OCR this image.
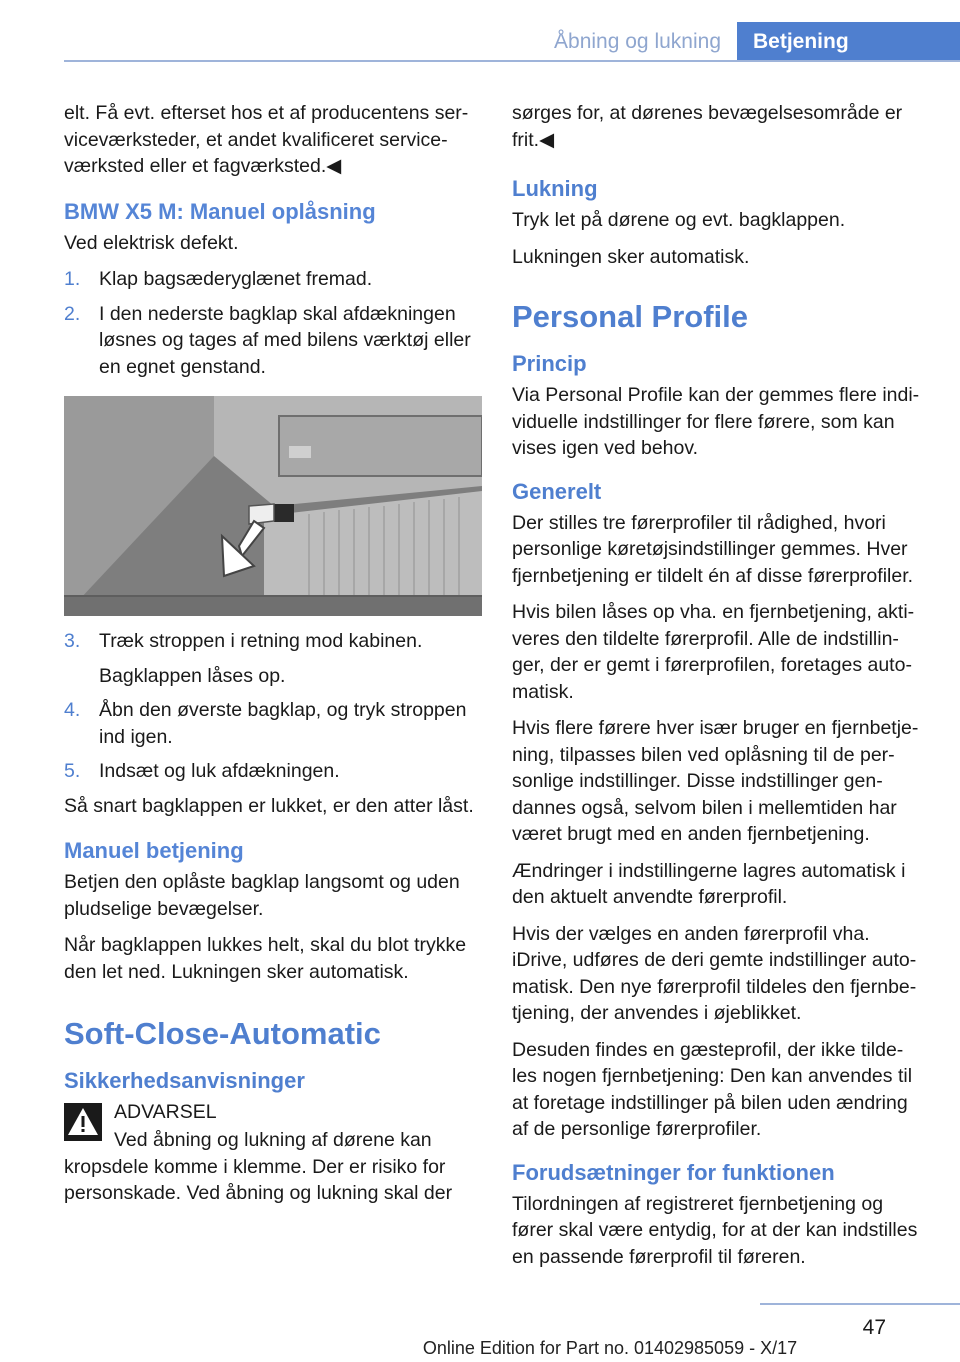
Åbning og lukning	Betjening

elt. Få evt. efterset hos et af producentens ser‐viceværksteder, et andet kvalificeret service‐værksted eller et fagværksted.◀

BMW X5 M: Manuel oplåsning

Ved elektrisk defekt.

1. Klap bagsæderyglænet fremad.
2. I den nederste bagklap skal afdækningen løsnes og tages af med bilens værktøj eller en egnet genstand.
3. Træk stroppen i retning mod kabinen.
Bagklappen låses op.
4. Åbn den øverste bagklap, og tryk stroppen ind igen.
5. Indsæt og luk afdækningen.

Så snart bagklappen er lukket, er den atter låst.

Manuel betjening

Betjen den oplåste bagklap langsomt og uden pludselige bevægelser.

Når bagklappen lukkes helt, skal du blot trykke den let ned. Lukningen sker automatisk.

Soft-Close-Automatic
Sikkerhedsanvisninger
ADVARSEL

Ved åbning og lukning af dørene kan kropsdele komme i klemme. Der er risiko for personskade. Ved åbning og lukning skal der

sørges for, at dørenes bevægelsesområde er frit.◀

Lukning

Tryk let på dørene og evt. bagklappen.

Lukningen sker automatisk.

Personal Profile
Princip

Via Personal Profile kan der gemmes flere indi‐viduelle indstillinger for flere førere, som kan vises igen ved behov.

Generelt

Der stilles tre førerprofiler til rådighed, hvori personlige køretøjsindstillinger gemmes. Hver fjernbetjening er tildelt én af disse førerprofiler.

Hvis bilen låses op vha. en fjernbetjening, akti‐veres den tildelte førerprofil. Alle de indstillin‐ger, der er gemt i førerprofilen, foretages auto‐matisk.

Hvis flere førere hver især bruger en fjernbetje‐ning, tilpasses bilen ved oplåsning til de per‐sonlige indstillinger. Disse indstillinger gen‐dannes også, selvom bilen i mellemtiden har været brugt med en anden fjernbetjening.

Ændringer i indstillingerne lagres automatisk i den aktuelt anvendte førerprofil.

Hvis der vælges en anden førerprofil vha. iDrive, udføres de deri gemte indstillinger auto‐matisk. Den nye førerprofil tildeles den fjernbe‐tjening, der anvendes i øjeblikket.

Desuden findes en gæsteprofil, der ikke tilde‐les nogen fjernbetjening: Den kan anvendes til at foretage indstillinger på bilen uden ændring af de personlige førerprofiler.

Forudsætninger for funktionen

Tilordningen af registreret fjernbetjening og fører skal være entydig, for at der kan indstilles en passende førerprofil til føreren.

47
Online Edition for Part no. 01402985059 - X/17
